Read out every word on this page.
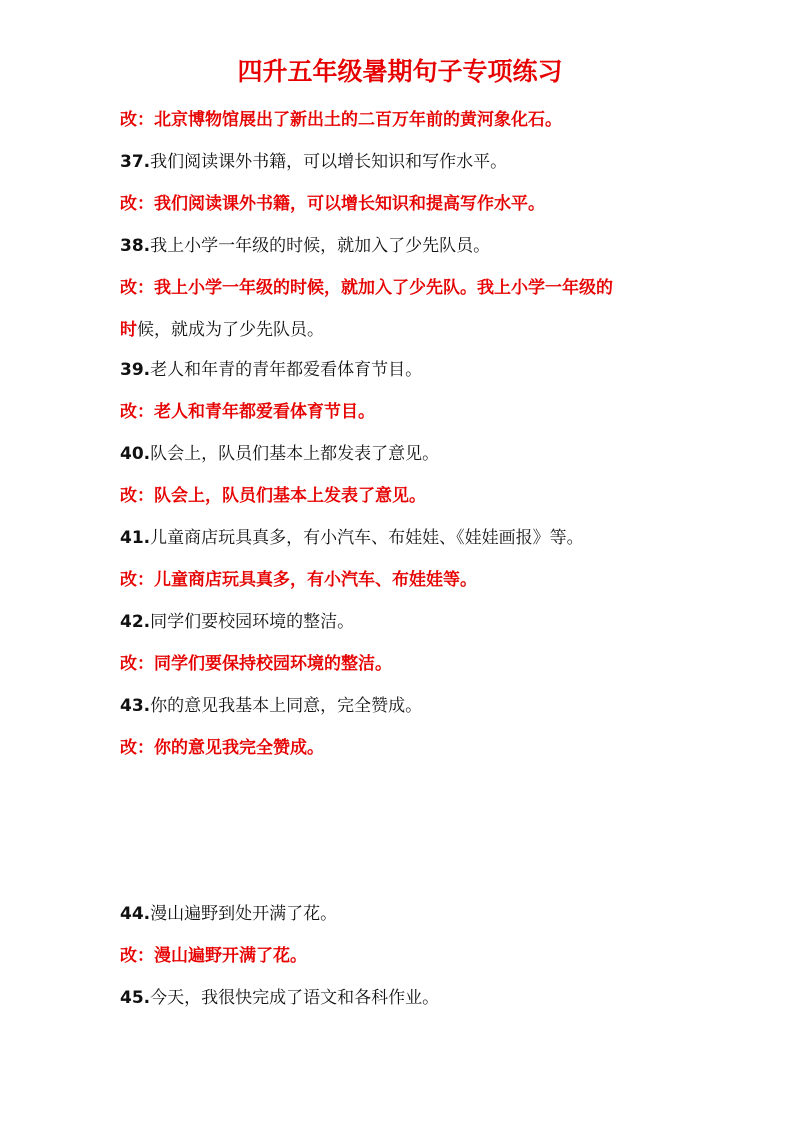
四升五年级暑期句子专项练习
改：北京博物馆展出了新出土的二百万年前的黄河象化石。
37.我们阅读课外书籍，可以增长知识和写作水平。
改：我们阅读课外书籍，可以增长知识和提高写作水平。
38.我上小学一年级的时候，就加入了少先队员。
改：我上小学一年级的时候，就加入了少先队。我上小学一年级的
时候，就成为了少先队员。
39.老人和年青的青年都爱看体育节目。
改：老人和青年都爱看体育节目。
40.队会上，队员们基本上都发表了意见。
改：队会上，队员们基本上发表了意见。
41.儿童商店玩具真多，有小汽车、布娃娃、《娃娃画报》等。
改：儿童商店玩具真多，有小汽车、布娃娃等。
42.同学们要校园环境的整洁。
改：同学们要保持校园环境的整洁。
43.你的意见我基本上同意，完全赞成。
改：你的意见我完全赞成。
44.漫山遍野到处开满了花。
改：漫山遍野开满了花。
45.今天，我很快完成了语文和各科作业。
